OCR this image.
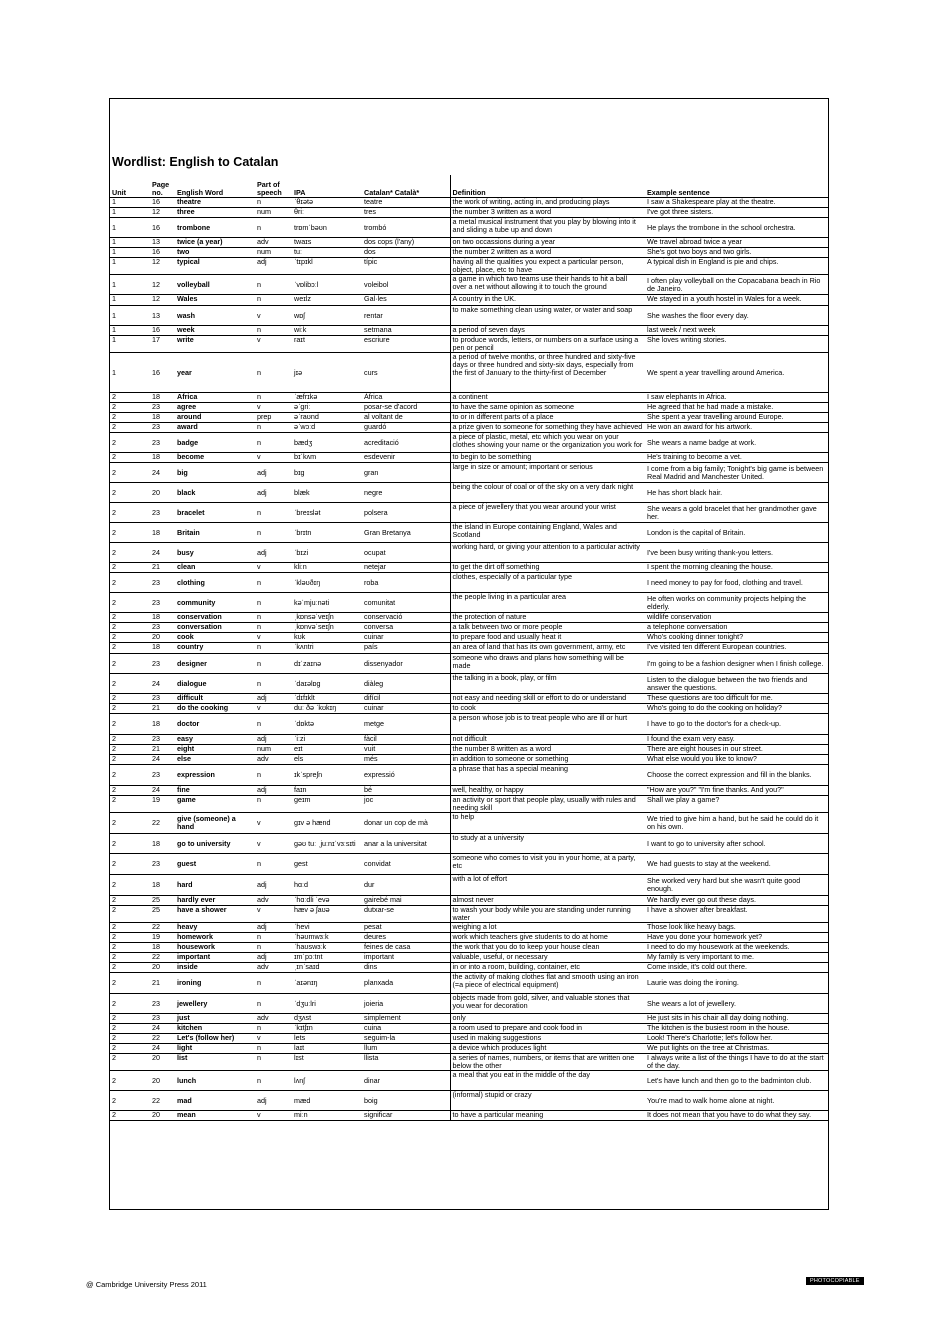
Wordlist: English to Catalan
Unit	Page no.	English Word	Part of speech	IPA	Catalan* Català*	Definition	Example sentence
1	16	theatre	n	ˈθɪətə	teatre	the work of writing, acting in, and producing plays	I saw a Shakespeare play at the theatre.
1	12	three	num	θriː	tres	the number 3 written as a word	I've got three sisters.
1	16	trombone	n	trɒmˈbəʊn	trombó	a metal musical instrument that you play by blowing into it and sliding a tube up and down	He plays the trombone in the school orchestra.
1	13	twice (a year)	adv	twaɪs	dos cops (l'any)	on two occassions during a year	We travel abroad twice a year
1	16	two	num	tuː	dos	the number 2 written as a word	She's got two boys and two girls.
1	12	typical	adj	ˈtɪpɪkl	típic	having all the qualities you expect a particular person, object, place, etc to have	A typical dish in England is pie and chips.
1	12	volleyball	n	ˈvɒlibɔːl	voleibol	a game in which two teams use their hands to hit a ball over a net without allowing it to touch the ground	I often play volleyball on the Copacabana beach in Rio de Janeiro.
1	12	Wales	n	weɪlz	Gal·les	A country in the UK.	We stayed in a youth hostel in Wales for a week.
1	13	wash	v	wɒʃ	rentar	to make something clean using water, or water and soap	She washes the floor every day.
1	16	week	n	wiːk	setmana	a period of seven days	last week / next week
1	17	write	v	raɪt	escriure	to produce words, letters, or numbers on a surface using a pen or pencil	She loves writing stories.
1	16	year	n	jɪə	curs	a period of twelve months, or three hundred and sixty-five days or three hundred and sixty-six days, especially from the first of January to the thirty-first of December	We spent a year travelling around America.
2	18	Africa	n	ˈæfrɪkə	Àfrica	a continent	I saw elephants in Africa.
2	23	agree	v	əˈgriː	posar-se d'acord	to have the same opinion as someone	He agreed that he had made a mistake.
2	18	around	prep	əˈraʊnd	al voltant de	to or in different parts of a place	She spent a year travelling around Europe.
2	23	award	n	əˈwɔːd	guardó	a prize given to someone for something they have achieved	He won an award for his artwork.
2	23	badge	n	bædʒ	acreditació	a piece of plastic, metal, etc which you wear on your clothes showing your name or the organization you work for	She wears a name badge at work.
2	18	become	v	bɪˈkʌm	esdevenir	to begin to be something	He's training to become a vet.
2	24	big	adj	bɪg	gran	large in size or amount; important or serious	I come from a big family; Tonight's big game is between Real Madrid and Manchester United.
2	20	black	adj	blæk	negre	being the colour of coal or of the sky on a very dark night	He has short black hair.
2	23	bracelet	n	ˈbreɪslət	polsera	a piece of jewellery that you wear around your wrist	She wears a gold bracelet that her grandmother gave her.
2	18	Britain	n	ˈbrɪtn	Gran Bretanya	the island in Europe containing England, Wales and Scotland	London is the capital of Britain.
2	24	busy	adj	ˈbɪzi	ocupat	working hard, or giving your attention to a particular activity	I've been busy writing thank-you letters.
2	21	clean	v	kliːn	netejar	to get the dirt off something	I spent the morning cleaning the house.
2	23	clothing	n	ˈkləʊðɪŋ	roba	clothes, especially of a particular type	I need money to pay for food, clothing and travel.
2	23	community	n	kəˈmjuːnəti	comunitat	the people living in a particular area	He often works on community projects helping the elderly.
2	18	conservation	n	ˌkɒnsəˈveɪʃn	conservació	the protection of nature	wildlife conservation
2	23	conversation	n	ˌkɒnvəˈseɪʃn	conversa	a talk between two or more people	a telephone conversation
2	20	cook	v	kʊk	cuinar	to prepare food and usually heat it	Who's cooking dinner tonight?
2	18	country	n	ˈkʌntri	país	an area of land that has its own government, army, etc	I've visited ten different European countries.
2	23	designer	n	dɪˈzaɪnə	dissenyador	someone who draws and plans how something will be made	I'm going to be a fashion designer when I finish college.
2	24	dialogue	n	ˈdaɪəlɒg	diàleg	the talking in a book, play, or film	Listen to the dialogue between the two friends and answer the questions.
2	23	difficult	adj	ˈdɪfɪklt	difícil	not easy and needing skill or effort to do or understand	These questions are too difficult for me.
2	21	do the cooking	v	duː ðə ˈkʊkɪŋ	cuinar	to cook	Who's going to do the cooking on holiday?
2	18	doctor	n	ˈdɒktə	metge	a person whose job is to treat people who are ill or hurt	I have to go to the doctor's for a check-up.
2	23	easy	adj	ˈiːzi	fàcil	not difficult	I found the exam very easy.
2	21	eight	num	eɪt	vuit	the number 8 written as a word	There are eight houses in our street.
2	24	else	adv	els	més	in addition to someone or something	What else would you like to know?
2	23	expression	n	ɪkˈspreʃn	expressió	a phrase that has a special meaning	Choose the correct expression and fill in the blanks.
2	24	fine	adj	faɪn	bé	well, healthy, or happy	"How are you?" "I'm fine thanks. And you?"
2	19	game	n	geɪm	joc	an activity or sport that people play, usually with rules and needing skill	Shall we play a game?
2	22	give (someone) a hand	v	gɪv ə hænd	donar un cop de mà	to help	We tried to give him a hand, but he said he could do it on his own.
2	18	go to university	v	gəʊ tuː ˌjuːnɪˈvɜːsɪti	anar a la universitat	to study at a university	I want to go to university after school.
2	23	guest	n	gest	convidat	someone who comes to visit you in your home, at a party, etc	We had guests to stay at the weekend.
2	18	hard	adj	hɑːd	dur	with a lot of effort	She worked very hard but she wasn't quite good enough.
2	25	hardly ever	adv	ˈhɑːdli ˈevə	gairebé mai	almost never	We hardly ever go out these days.
2	25	have a shower	v	hæv ə ʃaʊə	dutxar-se	to wash your body while you are standing under running water	I have a shower after breakfast.
2	22	heavy	adj	ˈhevi	pesat	weighing a lot	Those look like heavy bags.
2	19	homework	n	ˈhəʊmwɜːk	deures	work which teachers give students to do at home	Have you done your homework yet?
2	18	housework	n	ˈhaʊswɜːk	feines de casa	the work that you do to keep your house clean	I need to do my housework at the weekends.
2	22	important	adj	ɪmˈpɔːtnt	important	valuable, useful, or necessary	My family is very important to me.
2	20	inside	adv	ˌɪnˈsaɪd	dins	in or into a room, building, container, etc	Come inside, it's cold out there.
2	21	ironing	n	ˈaɪənɪŋ	planxada	the activity of making clothes flat and smooth using an iron (=a piece of electrical equipment)	Laurie was doing the ironing.
2	23	jewellery	n	ˈdʒuːlri	joieria	objects made from gold, silver, and valuable stones that you wear for decoration	She wears a lot of jewellery.
2	23	just	adv	dʒʌst	simplement	only	He just sits in his chair all day doing nothing.
2	24	kitchen	n	ˈkɪtʃɪn	cuina	a room used to prepare and cook food in	The kitchen is the busiest room in the house.
2	22	Let's (follow her)	v	lets	seguim-la	used in making suggestions	Look! There's Charlotte; let's follow her.
2	24	light	n	laɪt	llum	a device which produces light	We put lights on the tree at Christmas.
2	20	list	n	lɪst	llista	a series of names, numbers, or items that are written one below the other	I always write a list of the things I have to do at the start of the day.
2	20	lunch	n	lʌnʃ	dinar	a meal that you eat in the middle of the day	Let's have lunch and then go to the badminton club.
2	22	mad	adj	mæd	boig	(informal) stupid or crazy	You're mad to walk home alone at night.
2	20	mean	v	miːn	significar	to have a particular meaning	It does not mean that you have to do what they say.
@ Cambridge University Press 2011	PHOTOCOPIABLE
